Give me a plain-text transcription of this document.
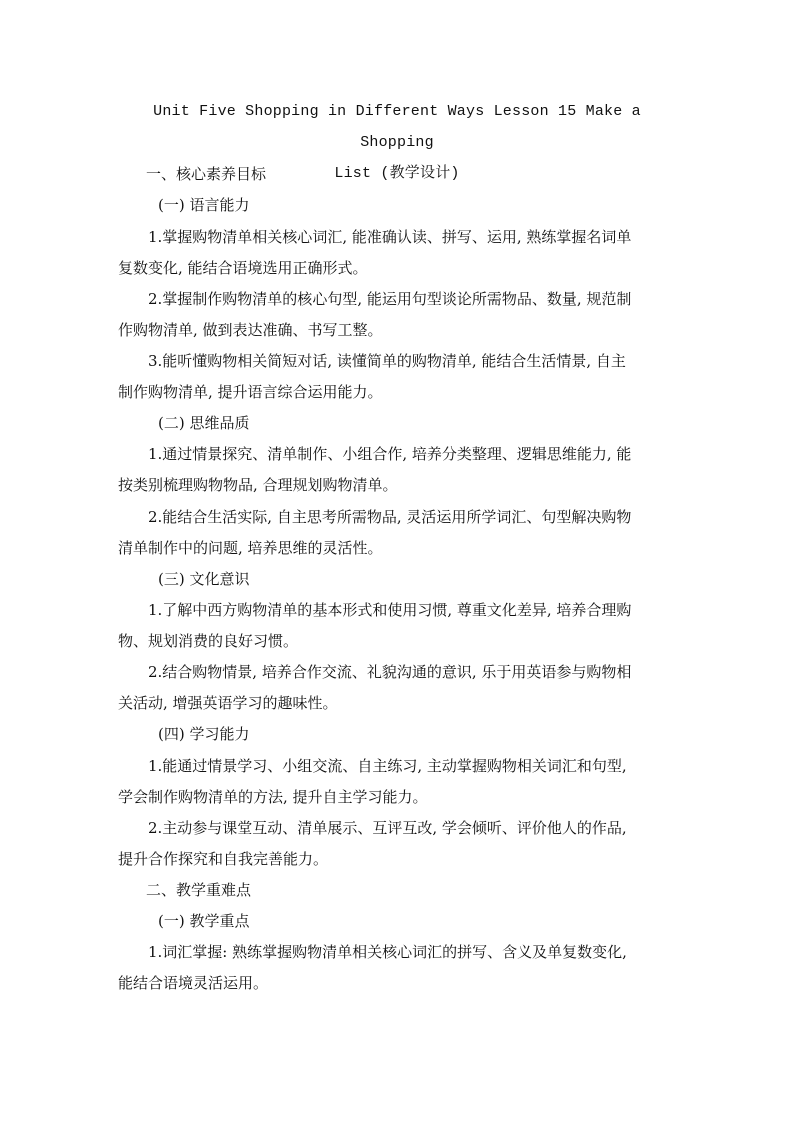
Unit Five Shopping in Different Ways Lesson 15 Make a Shopping
List (教学设计)
一、核心素养目标
(一) 语言能力
1.掌握购物清单相关核心词汇, 能准确认读、拼写、运用, 熟练掌握名词单
复数变化, 能结合语境选用正确形式。
2.掌握制作购物清单的核心句型, 能运用句型谈论所需物品、数量, 规范制
作购物清单, 做到表达准确、书写工整。
3.能听懂购物相关简短对话, 读懂简单的购物清单, 能结合生活情景, 自主
制作购物清单, 提升语言综合运用能力。
(二) 思维品质
1.通过情景探究、清单制作、小组合作, 培养分类整理、逻辑思维能力, 能
按类别梳理购物物品, 合理规划购物清单。
2.能结合生活实际, 自主思考所需物品, 灵活运用所学词汇、句型解决购物
清单制作中的问题, 培养思维的灵活性。
(三) 文化意识
1.了解中西方购物清单的基本形式和使用习惯, 尊重文化差异, 培养合理购
物、规划消费的良好习惯。
2.结合购物情景, 培养合作交流、礼貌沟通的意识, 乐于用英语参与购物相
关活动, 增强英语学习的趣味性。
(四) 学习能力
1.能通过情景学习、小组交流、自主练习, 主动掌握购物相关词汇和句型,
学会制作购物清单的方法, 提升自主学习能力。
2.主动参与课堂互动、清单展示、互评互改, 学会倾听、评价他人的作品,
提升合作探究和自我完善能力。
二、教学重难点
(一) 教学重点
1.词汇掌握: 熟练掌握购物清单相关核心词汇的拼写、含义及单复数变化,
能结合语境灵活运用。
